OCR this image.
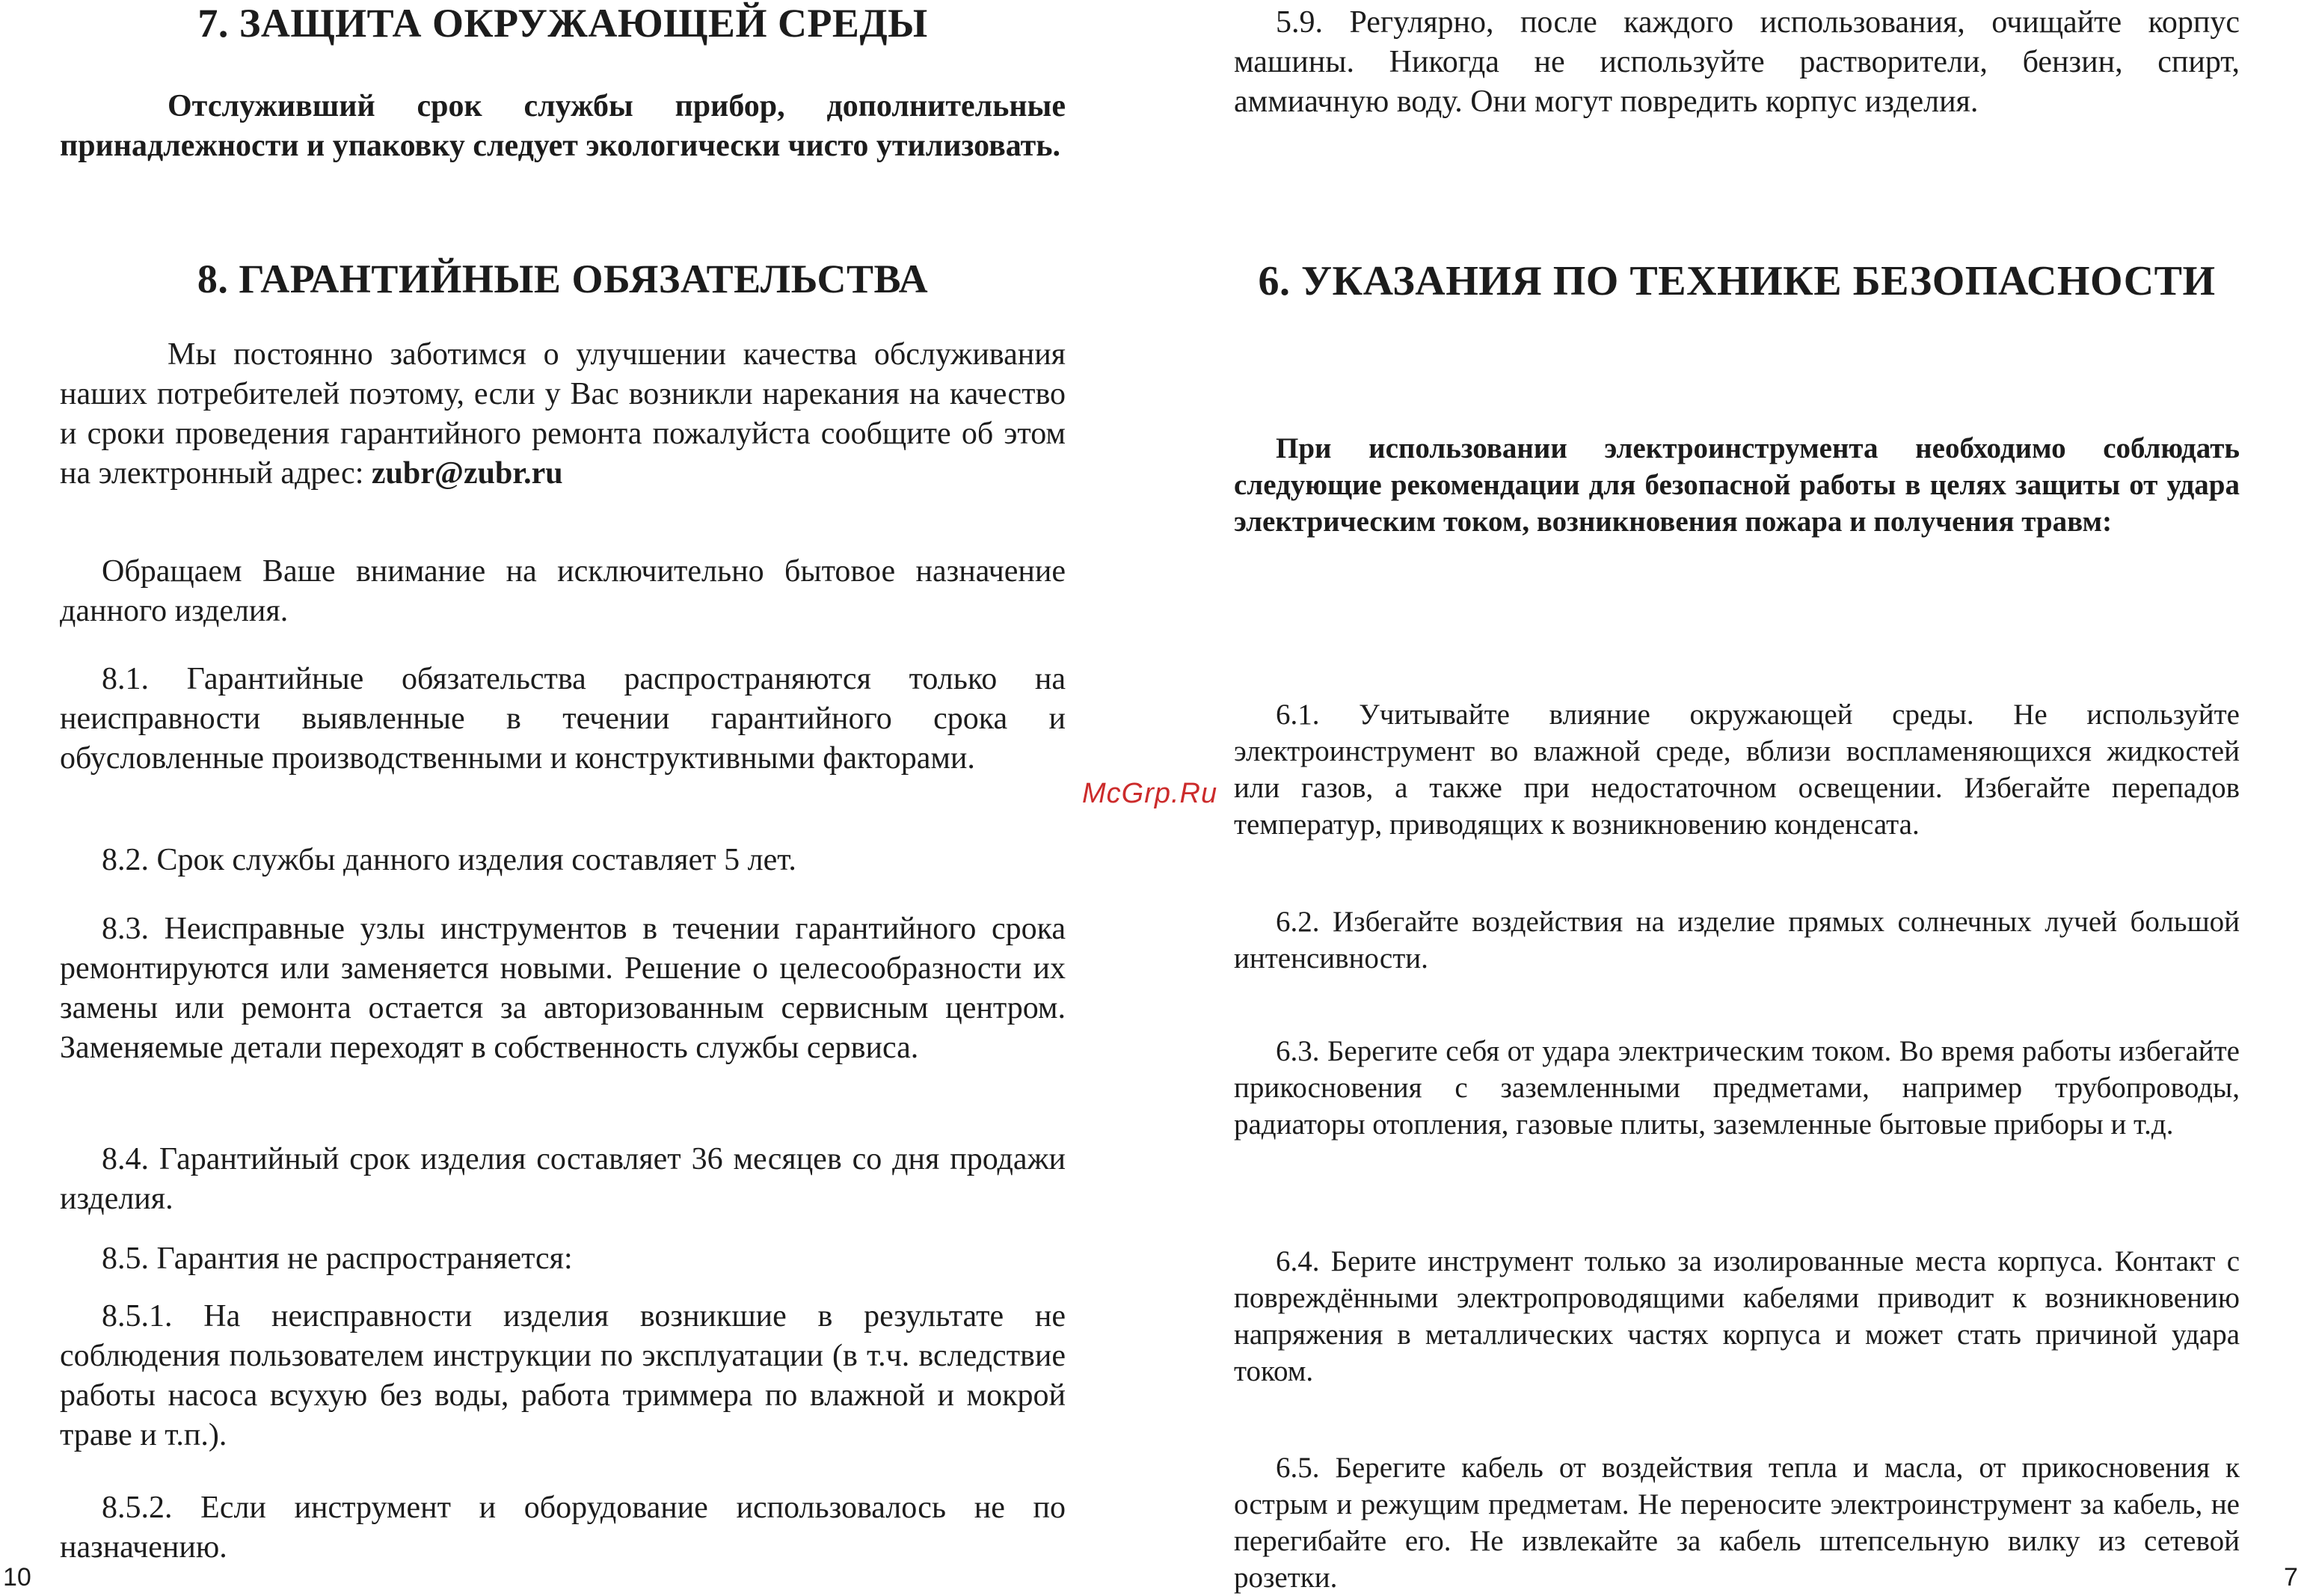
7. ЗАЩИТА ОКРУЖАЮЩЕЙ СРЕДЫ

Отслуживший срок службы прибор, дополнительные принадлежности и упаковку следует экологически чисто утилизовать.

8. ГАРАНТИЙНЫЕ ОБЯЗАТЕЛЬСТВА

Мы постоянно заботимся о улучшении качества обслуживания наших потребителей поэтому, если у Вас возникли нарекания на качество и сроки проведения гарантийного ремонта пожалуйста сообщите об этом на электронный адрес: zubr@zubr.ru

Обращаем Ваше внимание на исключительно бытовое назначение данного изделия.

8.1. Гарантийные обязательства распространяются только на неисправности выявленные в течении гарантийного срока и обусловленные производственными и конструктивными факторами.

8.2. Срок службы данного изделия составляет 5 лет.

8.3. Неисправные узлы инструментов в течении гарантийного срока ремонтируются или заменяется новыми. Решение о целесообразности их замены или ремонта остается за авторизованным сервисным центром. Заменяемые детали переходят в собственность службы сервиса.

8.4. Гарантийный срок изделия составляет 36 месяцев со дня продажи изделия.

8.5. Гарантия не распространяется:

8.5.1. На неисправности изделия возникшие в результате не соблюдения пользователем инструкции по эксплуатации (в т.ч. вследствие работы насоса всухую без воды, работа триммера по влажной и мокрой траве и т.п.).

8.5.2. Если инструмент и оборудование использовалось не по назначению.

5.9. Регулярно, после каждого использования, очищайте корпус машины. Никогда не используйте растворители, бензин, спирт, аммиачную воду. Они могут повредить корпус изделия.

6. УКАЗАНИЯ ПО ТЕХНИКЕ БЕЗОПАСНОСТИ

При использовании электроинструмента необходимо соблюдать следующие рекомендации для безопасной работы в целях защиты от удара электрическим током, возникновения пожара и получения травм:

6.1. Учитывайте влияние окружающей среды. Не используйте электроинструмент во влажной среде, вблизи воспламеняющихся жидкостей или газов, а также при недостаточном освещении. Избегайте перепадов температур, приводящих к возникновению конденсата.

6.2. Избегайте воздействия на изделие прямых солнечных лучей большой интенсивности.

6.3. Берегите себя от удара электрическим током. Во время работы избегайте прикосновения с заземленными предметами, например трубопроводы, радиаторы отопления, газовые плиты, заземленные бытовые приборы и т.д.

6.4. Берите инструмент только за изолированные места корпуса. Контакт с повреждёнными электропроводящими кабелями приводит к возникновению напряжения в металлических частях корпуса и может стать причиной удара током.

6.5. Берегите кабель от воздействия тепла и масла, от прикосновения к острым и режущим предметам. Не переносите электроинструмент за кабель, не перегибайте его. Не извлекайте за кабель штепсельную вилку из сетевой розетки.

McGrp.Ru
10	7
